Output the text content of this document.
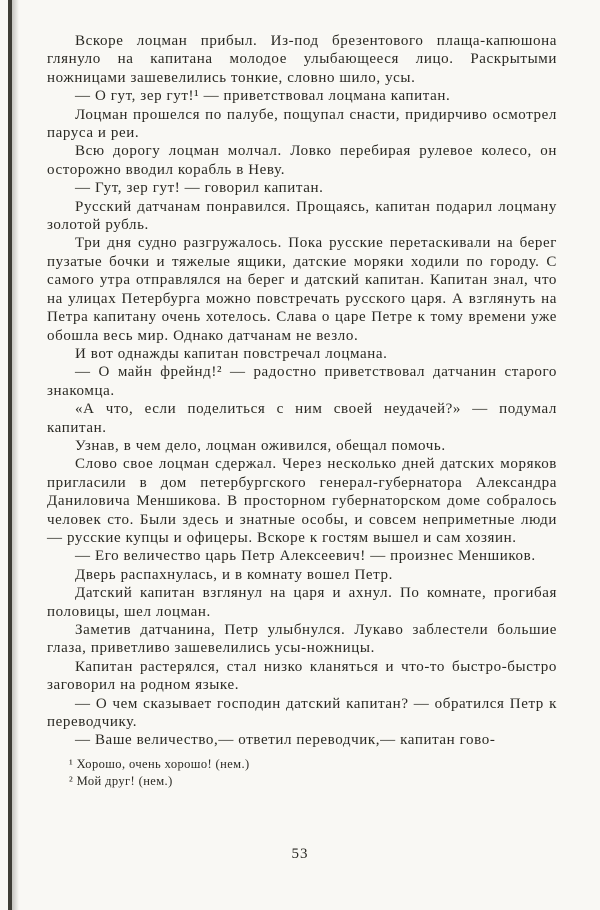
Вскоре лоцман прибыл. Из-под брезентового плаща-капюшона глянуло на капитана молодое улыбающееся лицо. Раскрытыми ножницами зашевелились тонкие, словно шило, усы.

— О гут, зер гут!¹ — приветствовал лоцмана капитан.

Лоцман прошелся по палубе, пощупал снасти, придирчиво осмотрел паруса и реи.

Всю дорогу лоцман молчал. Ловко перебирая рулевое колесо, он осторожно вводил корабль в Неву.

— Гут, зер гут! — говорил капитан.

Русский датчанам понравился. Прощаясь, капитан подарил лоцману золотой рубль.

Три дня судно разгружалось. Пока русские перетаскивали на берег пузатые бочки и тяжелые ящики, датские моряки ходили по городу. С самого утра отправлялся на берег и датский капитан. Капитан знал, что на улицах Петербурга можно повстречать русского царя. А взглянуть на Петра капитану очень хотелось. Слава о царе Петре к тому времени уже обошла весь мир. Однако датчанам не везло.

И вот однажды капитан повстречал лоцмана.

— О майн фрейнд!² — радостно приветствовал датчанин старого знакомца.

«А что, если поделиться с ним своей неудачей?» — подумал капитан.

Узнав, в чем дело, лоцман оживился, обещал помочь.

Слово свое лоцман сдержал. Через несколько дней датских моряков пригласили в дом петербургского генерал-губернатора Александра Даниловича Меншикова. В просторном губернаторском доме собралось человек сто. Были здесь и знатные особы, и совсем неприметные люди — русские купцы и офицеры. Вскоре к гостям вышел и сам хозяин.

— Его величество царь Петр Алексеевич! — произнес Меншиков.

Дверь распахнулась, и в комнату вошел Петр.

Датский капитан взглянул на царя и ахнул. По комнате, прогибая половицы, шел лоцман.

Заметив датчанина, Петр улыбнулся. Лукаво заблестели большие глаза, приветливо зашевелились усы-ножницы.

Капитан растерялся, стал низко кланяться и что-то быстро-быстро заговорил на родном языке.

— О чем сказывает господин датский капитан? — обратился Петр к переводчику.

— Ваше величество,— ответил переводчик,— капитан гово-

¹ Хорошо, очень хорошо! (нем.)

² Мой друг! (нем.)

53
